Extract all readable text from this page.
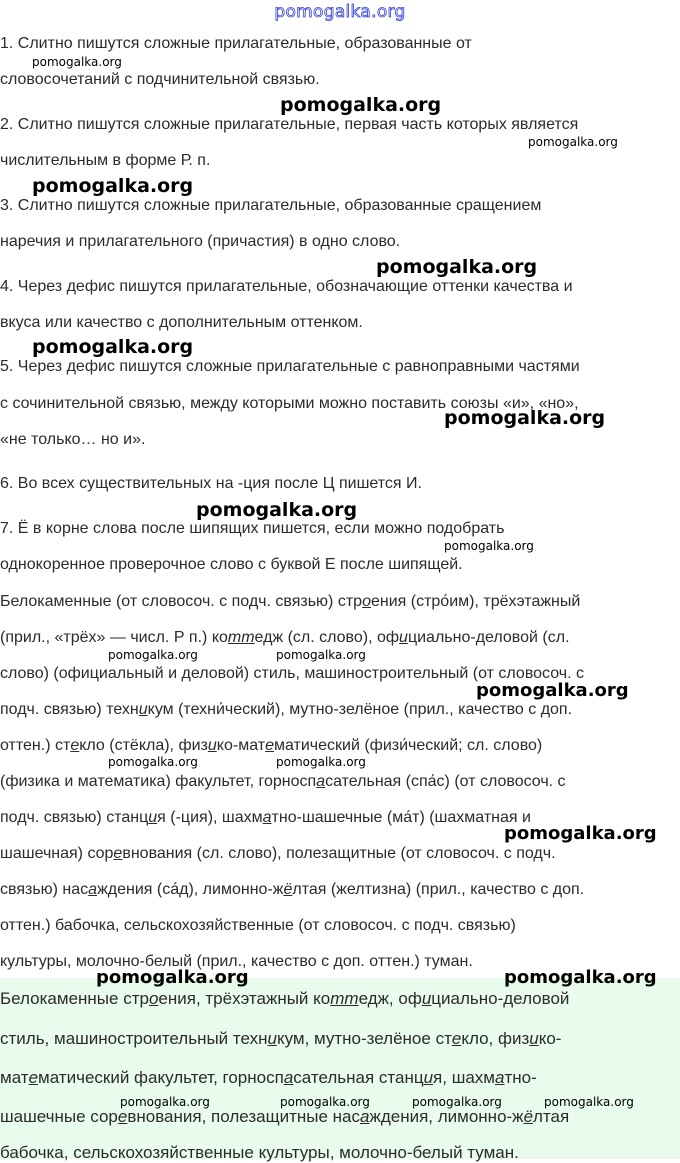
pomogalka.org
1. Слитно пишутся сложные прилагательные, образованные от
словосочетаний с подчинительной связью.
2. Слитно пишутся сложные прилагательные, первая часть которых является
числительным в форме Р. п.
3. Слитно пишутся сложные прилагательные, образованные сращением
наречия и прилагательного (причастия) в одно слово.
4. Через дефис пишутся прилагательные, обозначающие оттенки качества и
вкуса или качество с дополнительным оттенком.
5. Через дефис пишутся сложные прилагательные с равноправными частями
с сочинительной связью, между которыми можно поставить союзы «и», «но»,
«не только… но и».
6. Во всех существительных на -ция после Ц пишется И.
7. Ё в корне слова после шипящих пишется, если можно подобрать
однокоренное проверочное слово с буквой Е после шипящей.
Белокаменные (от словосоч. с подч. связью) строения (стро́им), трёхэтажный
(прил., «трёх» — числ. Р п.) коттедж (сл. слово), официально-деловой (сл.
слово) (официальный и деловой) стиль, машиностроительный (от словосоч. с
подч. связью) техникум (техни́ческий), мутно-зелёное (прил., качество с доп.
оттен.) стекло (стёкла), физико-математический (физи́ческий; сл. слово)
(физика и математика) факультет, горноспасательная (спа́с) (от словосоч. с
подч. связью) станция (-ция), шахматно-шашечные (ма́т) (шахматная и
шашечная) соревнования (сл. слово), полезащитные (от словосоч. с подч.
связью) насаждения (са́д), лимонно-жёлтая (желтизна) (прил., качество с доп.
оттен.) бабочка, сельскохозяйственные (от словосоч. с подч. связью)
культуры, молочно-белый (прил., качество с доп. оттен.) туман.
Белокаменные строения, трёхэтажный коттедж, официально-деловой
стиль, машиностроительный техникум, мутно-зелёное стекло, физико-
математический факультет, горноспасательная станция, шахматно-
шашечные соревнования, полезащитные насаждения, лимонно-жёлтая
бабочка, сельскохозяйственные культуры, молочно-белый туман.
pomogalka.org
pomogalka.org
pomogalka.org
pomogalka.org
pomogalka.org
pomogalka.org
pomogalka.org
pomogalka.org
pomogalka.org
pomogalka.org	pomogalka.org
pomogalka.org
pomogalka.org	pomogalka.org
pomogalka.org
pomogalka.org	pomogalka.org
pomogalka.org	pomogalka.org	pomogalka.org	pomogalka.org
